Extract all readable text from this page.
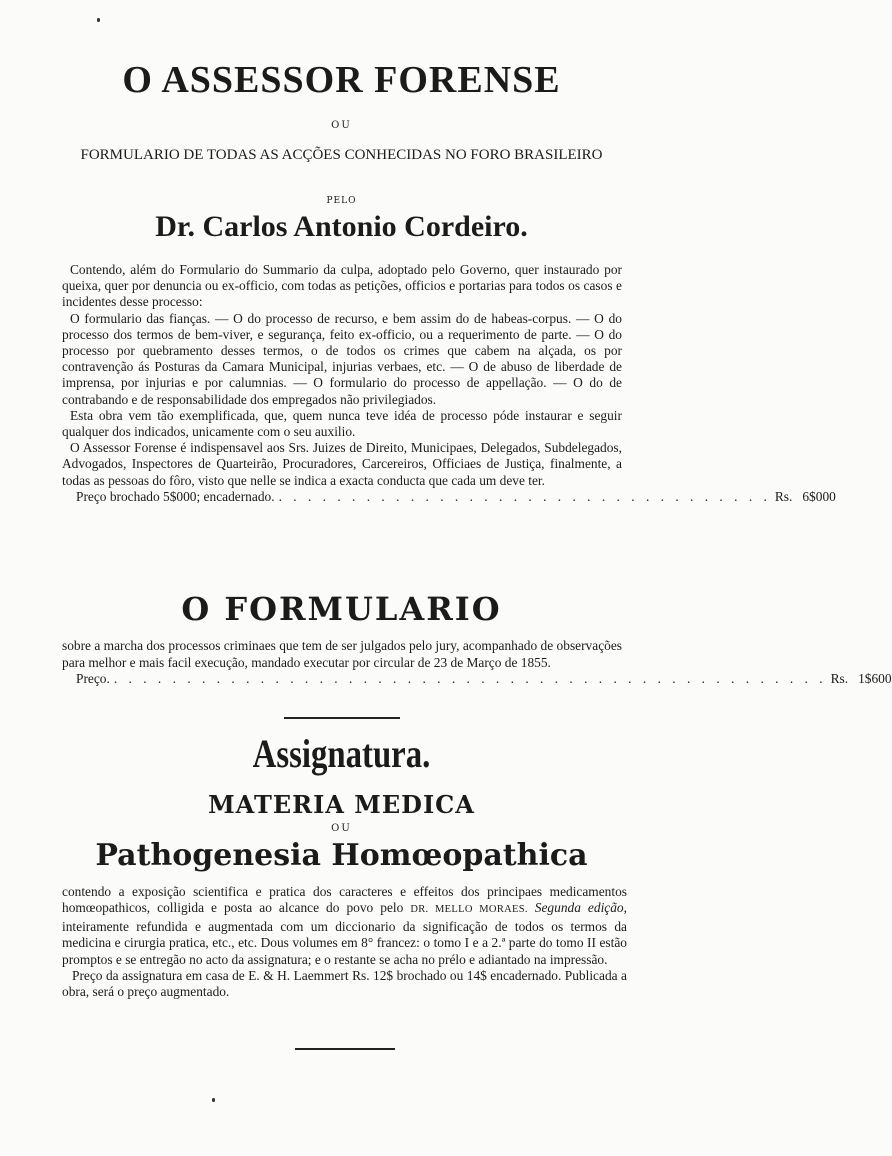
O ASSESSOR FORENSE
OU
FORMULARIO DE TODAS AS ACÇÕES CONHECIDAS NO FORO BRASILEIRO
PELO
Dr. Carlos Antonio Cordeiro.

Contendo, além do Formulario do Summario da culpa, adoptado pelo Governo, quer instaurado por queixa, quer por denuncia ou ex-officio, com todas as petições, officios e portarias para todos os casos e incidentes desse processo:

O formulario das fianças. — O do processo de recurso, e bem assim do de habeas-corpus. — O do processo dos termos de bem-viver, e segurança, feito ex-officio, ou a requerimento de parte. — O do processo por quebramento desses termos, o de todos os crimes que cabem na alçada, os por contravenção ás Posturas da Camara Municipal, injurias verbaes, etc. — O de abuso de liberdade de imprensa, por injurias e por calumnias. — O formulario do processo de appellação. — O do de contrabando e de responsabilidade dos empregados não privilegiados.

Esta obra vem tão exemplificada, que, quem nunca teve idéa de processo póde instaurar e seguir qualquer dos indicados, unicamente com o seu auxilio.

O Assessor Forense é indispensavel aos Srs. Juizes de Direito, Municipaes, Delegados, Subdelegados, Advogados, Inspectores de Quarteirão, Procuradores, Carcereiros, Officiaes de Justiça, finalmente, a todas as pessoas do fôro, visto que nelle se indica a exacta conducta que cada um deve ter.

Preço brochado 5$000; encadernado. . . . . . . . . . . . . . . . . . . . . . . . . . . . . . . . . . . Rs. 6$000
O FORMULARIO

sobre a marcha dos processos criminaes que tem de ser julgados pelo jury, acompanhado de observações para melhor e mais facil execução, mandado executar por circular de 23 de Março de 1855.

Preço. . . . . . . . . . . . . . . . . . . . . . . . . . . . . . . . . . . . . . . . . . . . . . . . . . Rs. 1$600
Assignatura.
MATERIA MEDICA
OU
Pathogenesia Homœopathica

contendo a exposição scientifica e pratica dos caracteres e effeitos dos principaes medicamentos homœopathicos, colligida e posta ao alcance do povo pelo DR. MELLO MORAES. Segunda edição, inteiramente refundida e augmentada com um diccionario da significação de todos os termos da medicina e cirurgia pratica, etc., etc. Dous volumes em 8° francez: o tomo I e a 2.ª parte do tomo II estão promptos e se entregão no acto da assignatura; e o restante se acha no prélo e adiantado na impressão.

Preço da assignatura em casa de E. & H. Laemmert Rs. 12$ brochado ou 14$ encadernado. Publicada a obra, será o preço augmentado.
